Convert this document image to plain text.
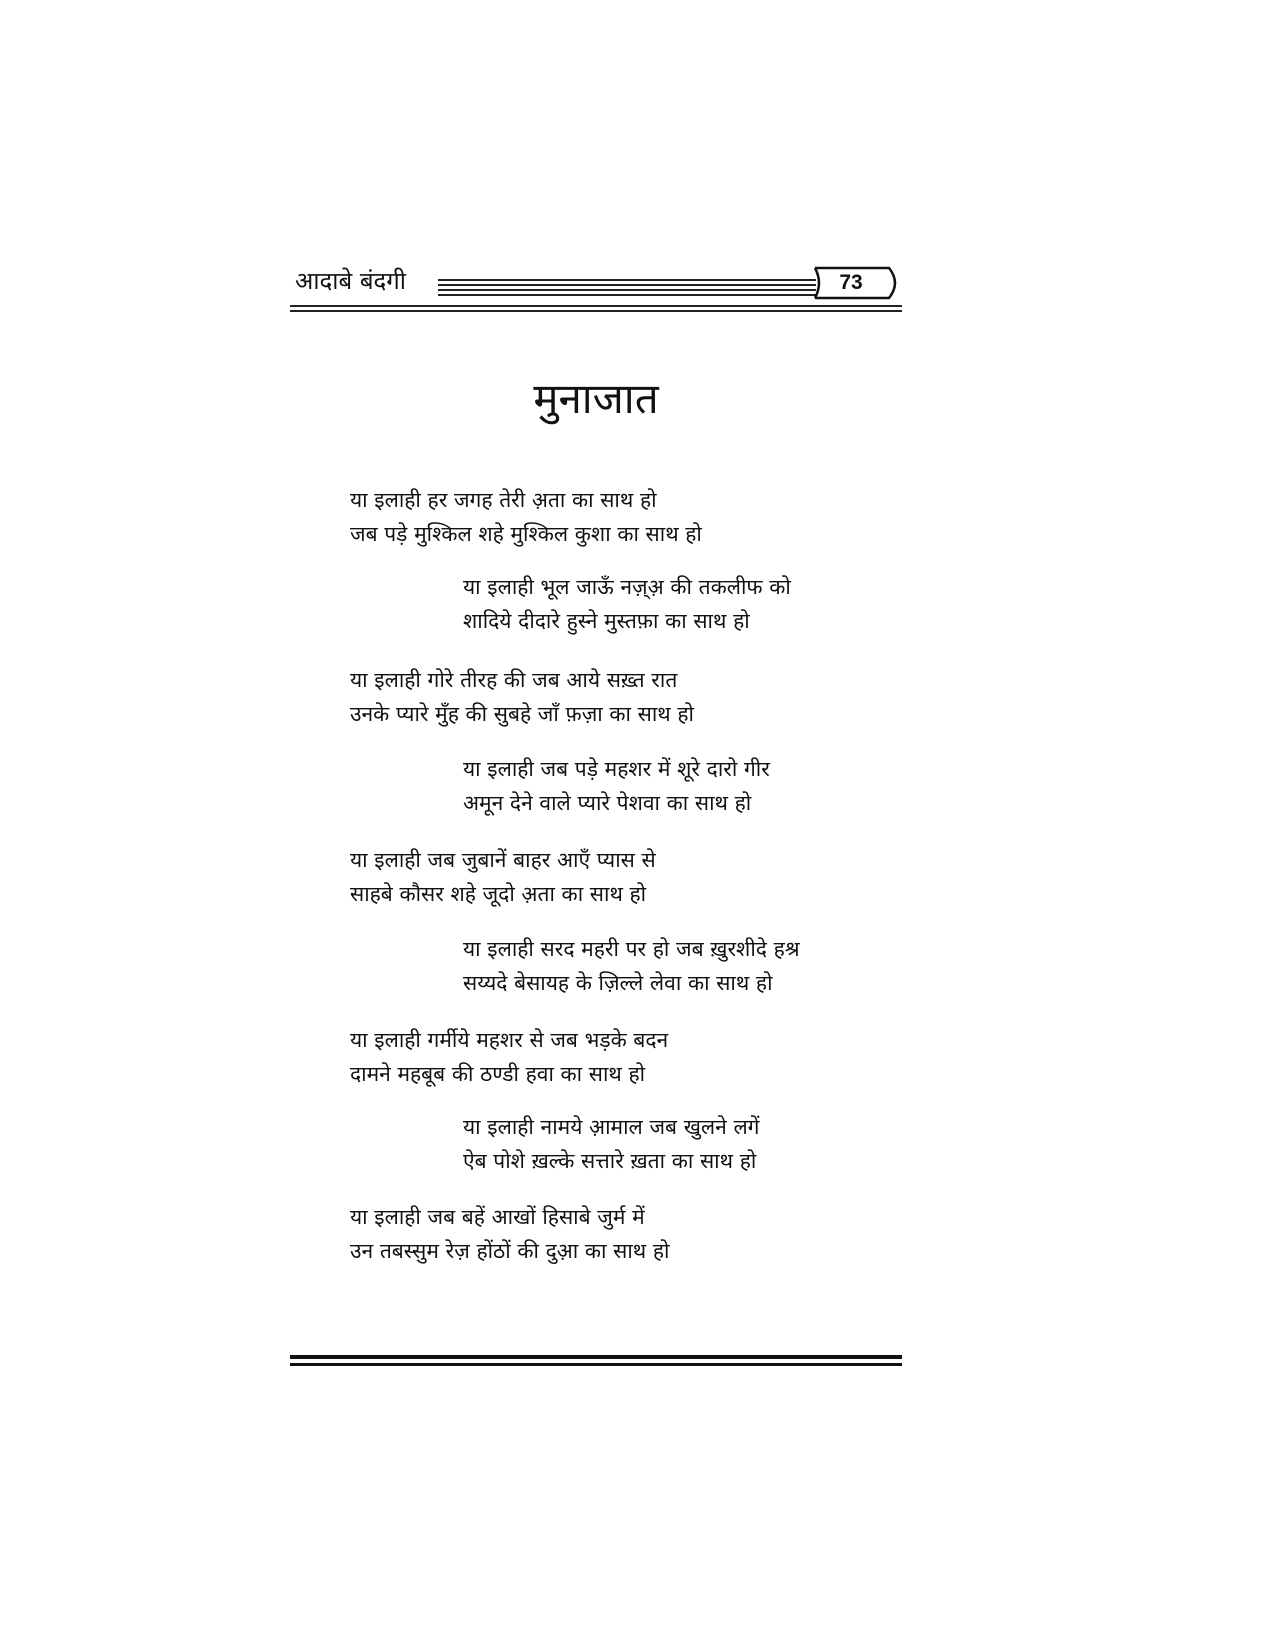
आदाबे बंदगी	73
मुनाजात
या इलाही हर जगह तेरी अ़ता का साथ हो
जब पड़े मुश्किल शहे मुश्किल कुशा का साथ हो
या इलाही भूल जाऊँ नज़्अ़ की तकलीफ को
शादिये दीदारे हुस्ने मुस्तफ़ा का साथ हो
या इलाही गोरे तीरह की जब आये सख़्त रात
उनके प्यारे मुँह की सुबहे जाँ फ़ज़ा का साथ हो
या इलाही जब पड़े महशर में शूरे दारो गीर
अमून देने वाले प्यारे पेशवा का साथ हो
या इलाही जब जुबानें बाहर आएँ प्यास से
साहबे कौसर शहे जूदो अ़ता का साथ हो
या इलाही सरद महरी पर हो जब ख़ुरशीदे हश्र
सय्यदे बेसायह के ज़िल्ले लेवा का साथ हो
या इलाही गर्मीये महशर से जब भड़के बदन
दामने महबूब की ठण्डी हवा का साथ हो
या इलाही नामये अ़ामाल जब खुलने लगें
ऐब पोशे ख़ल्के सत्तारे ख़ता का साथ हो
या इलाही जब बहें आखों हिसाबे जुर्म में
उन तबस्सुम रेज़ होंठों की दुआ़ का साथ हो
